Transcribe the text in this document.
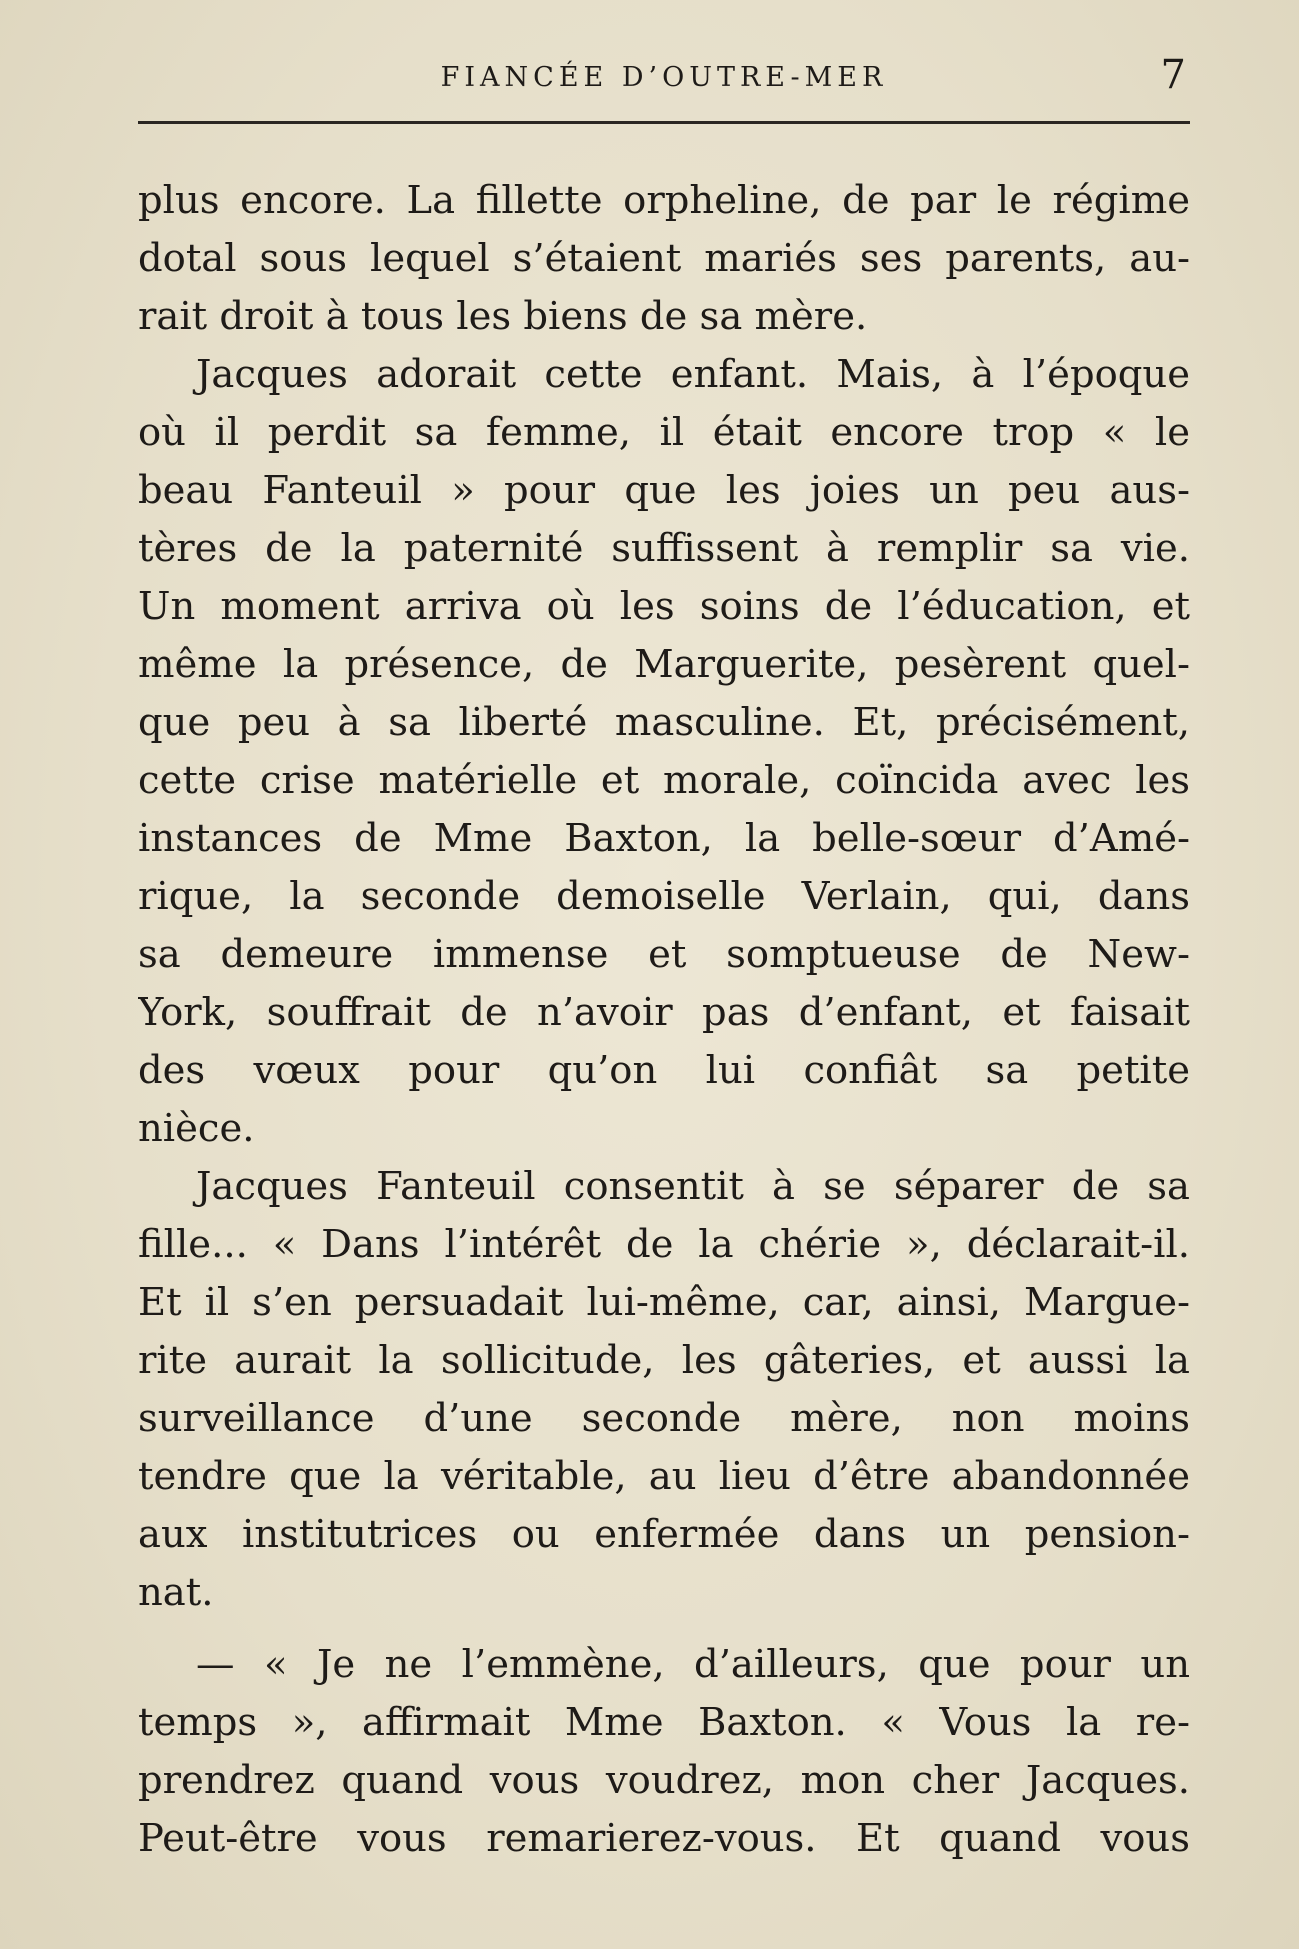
FIANCÉE D’OUTRE-MER	7
plus encore. La fillette orpheline, de par le régime
dotal sous lequel s’étaient mariés ses parents, au-
rait droit à tous les biens de sa mère.
Jacques adorait cette enfant. Mais, à l’époque
où il perdit sa femme, il était encore trop « le
beau Fanteuil » pour que les joies un peu aus-
tères de la paternité suffissent à remplir sa vie.
Un moment arriva où les soins de l’éducation, et
même la présence, de Marguerite, pesèrent quel-
que peu à sa liberté masculine. Et, précisément,
cette crise matérielle et morale, coïncida avec les
instances de Mme Baxton, la belle-sœur d’Amé-
rique, la seconde demoiselle Verlain, qui, dans
sa demeure immense et somptueuse de New-
York, souffrait de n’avoir pas d’enfant, et faisait
des vœux pour qu’on lui confiât sa petite
nièce.
Jacques Fanteuil consentit à se séparer de sa
fille... « Dans l’intérêt de la chérie », déclarait-il.
Et il s’en persuadait lui-même, car, ainsi, Margue-
rite aurait la sollicitude, les gâteries, et aussi la
surveillance d’une seconde mère, non moins
tendre que la véritable, au lieu d’être abandonnée
aux institutrices ou enfermée dans un pension-
nat.
— « Je ne l’emmène, d’ailleurs, que pour un
temps », affirmait Mme Baxton. « Vous la re-
prendrez quand vous voudrez, mon cher Jacques.
Peut-être vous remarierez-vous. Et quand vous
